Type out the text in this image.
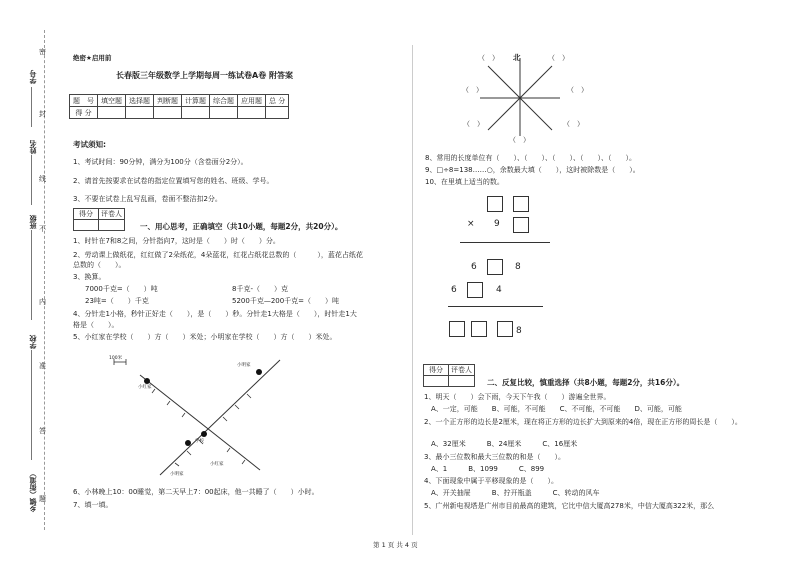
学号
姓名
班级
学校
乡镇（街道）
密
封
线
不
内
准
答
题
绝密★启用前
长春版三年级数学上学期每周一练试卷A卷 附答案
题　号	填空题	选择题	判断题	计算题	综合题	应用题	总 分
得 分							
考试须知:
1、考试时间：90分钟，满分为100分（含卷面分2分）。
2、请首先按要求在试卷的指定位置填写您的姓名、班级、学号。
3、不要在试卷上乱写乱画，卷面不整洁扣2分。
得分	评卷人

一、用心思考，正确填空（共10小题，每题2分，共20分）。
1、时针在7和8之间，分针指向7，这时是（　　）时（　　）分。
2、劳动课上做纸花，红红做了2朵纸花，4朵蓝花，红花占纸花总数的（　　　），蓝花占纸花
总数的（　　）。
3、换算。
7000千克=（　　）吨	8千克-（　　）克
23吨=（　　）千克	5200千克—200千克=（　　）吨
4、分针走1小格，秒针正好走（　　），是（　　）秒。分针走1大格是（　　），时针走1大
格是（　　）。
5、小红家在学校（　　）方（　　）米处；小明家在学校（　　）方（　　）米处。
100米
小明家
小红家
学校
小明家
小红家
6、小林晚上10：00睡觉，第二天早上7：00起床，他一共睡了（　　）小时。
7、填一填。
（　） 北	（　）
（　）	（　）
（　）	（　）
（　）
8、常用的长度单位有（　　）、（　　）、（　　）、（　　）、（　　）。
9、□÷8=138……○，余数最大填（　　），这时被除数是（　　）。
10、在里填上适当的数。
× 9
6	8
6	4
8
得分	评卷人

二、反复比较，慎重选择（共8小题，每题2分，共16分）。
1、明天（　　）会下雨，今天下午我（　　）游遍全世界。
　A、一定，可能　　B、可能，不可能　　C、不可能，不可能　　D、可能，可能
2、一个正方形的边长是2厘米，现在将正方形的边长扩大到原来的4倍，现在正方形的周长是（　　）。
　A、32厘米　　　B、24厘米　　　C、16厘米
3、最小三位数和最大三位数的和是（　　）。
　A、1　　　B、1099　　　C、899
4、下面现象中属于平移现象的是（　　）。
　A、开关抽屉　　　B、拧开瓶盖　　　C、转动的风车
5、广州新电视塔是广州市目前最高的建筑，它比中信大厦高278米，中信大厦高322米，那么
第 1 页 共 4 页
